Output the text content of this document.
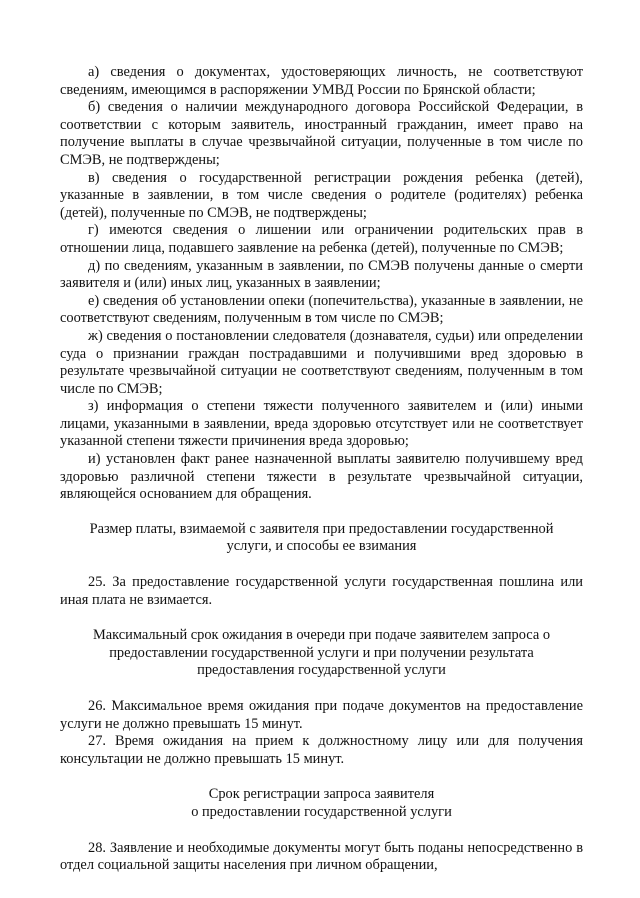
а) сведения о документах, удостоверяющих личность, не соответствуют сведениям, имеющимся в распоряжении УМВД России по Брянской области;

б) сведения о наличии международного договора Российской Федерации, в соответствии с которым заявитель, иностранный гражданин, имеет право на получение выплаты в случае чрезвычайной ситуации, полученные в том числе по СМЭВ, не подтверждены;

в) сведения о государственной регистрации рождения ребенка (детей), указанные в заявлении, в том числе сведения о родителе (родителях) ребенка (детей), полученные по СМЭВ, не подтверждены;

г) имеются сведения о лишении или ограничении родительских прав в отношении лица, подавшего заявление на ребенка (детей), полученные по СМЭВ;

д) по сведениям, указанным в заявлении, по СМЭВ получены данные о смерти заявителя и (или) иных лиц, указанных в заявлении;

е) сведения об установлении опеки (попечительства), указанные в заявлении, не соответствуют сведениям, полученным в том числе по СМЭВ;

ж) сведения о постановлении следователя (дознавателя, судьи) или определении суда о признании граждан пострадавшими и получившими вред здоровью в результате чрезвычайной ситуации не соответствуют сведениям, полученным в том числе по СМЭВ;

з) информация о степени тяжести полученного заявителем и (или) иными лицами, указанными в заявлении, вреда здоровью отсутствует или не соответствует указанной степени тяжести причинения вреда здоровью;

и) установлен факт ранее назначенной выплаты заявителю получившему вред здоровью различной степени тяжести в результате чрезвычайной ситуации, являющейся основанием для обращения.

Размер платы, взимаемой с заявителя при предоставлении государственной

услуги, и способы ее взимания

25. За предоставление государственной услуги государственная пошлина или иная плата не взимается.

Максимальный срок ожидания в очереди при подаче заявителем запроса о

предоставлении государственной услуги и при получении результата

предоставления государственной услуги

26. Максимальное время ожидания при подаче документов на предоставление услуги не должно превышать 15 минут.

27. Время ожидания на прием к должностному лицу или для получения консультации не должно превышать 15 минут.

Срок регистрации запроса заявителя

о предоставлении государственной услуги

28. Заявление и необходимые документы могут быть поданы непосредственно в отдел социальной защиты населения при личном обращении,
